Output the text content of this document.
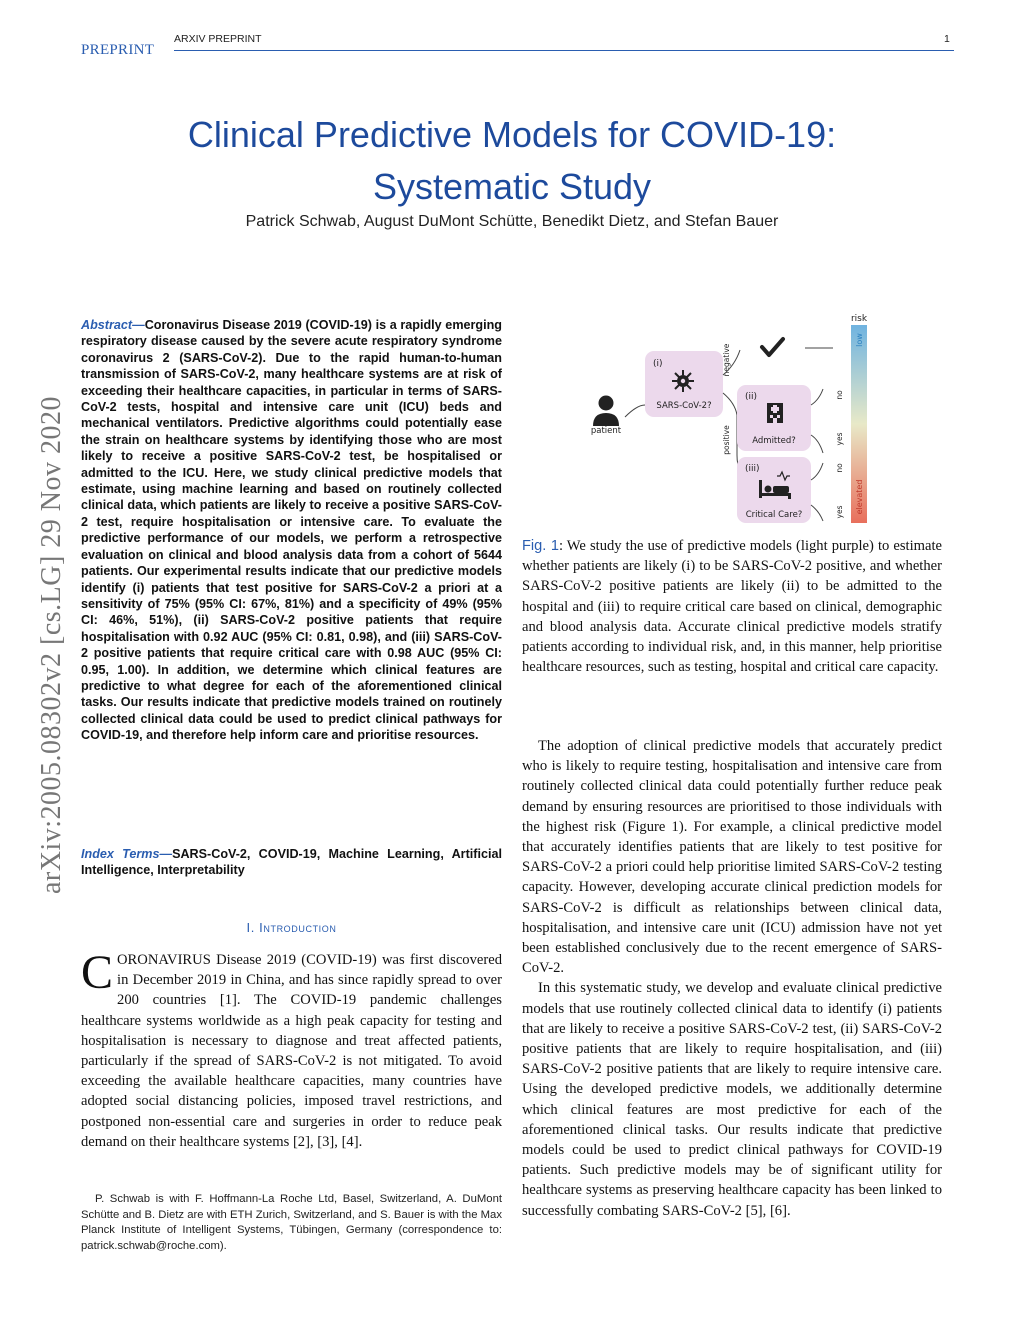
PREPRINT
ARXIV PREPRINT	1
arXiv:2005.08302v2 [cs.LG] 29 Nov 2020
Clinical Predictive Models for COVID-19:
Systematic Study
Patrick Schwab, August DuMont Schütte, Benedikt Dietz, and Stefan Bauer
Abstract—Coronavirus Disease 2019 (COVID-19) is a rapidly emerging respiratory disease caused by the severe acute respiratory syndrome coronavirus 2 (SARS-CoV-2). Due to the rapid human-to-human transmission of SARS-CoV-2, many healthcare systems are at risk of exceeding their healthcare capacities, in particular in terms of SARS-CoV-2 tests, hospital and intensive care unit (ICU) beds and mechanical ventilators. Predictive algorithms could potentially ease the strain on healthcare systems by identifying those who are most likely to receive a positive SARS-CoV-2 test, be hospitalised or admitted to the ICU. Here, we study clinical predictive models that estimate, using machine learning and based on routinely collected clinical data, which patients are likely to receive a positive SARS-CoV-2 test, require hospitalisation or intensive care. To evaluate the predictive performance of our models, we perform a retrospective evaluation on clinical and blood analysis data from a cohort of 5644 patients. Our experimental results indicate that our predictive models identify (i) patients that test positive for SARS-CoV-2 a priori at a sensitivity of 75% (95% CI: 67%, 81%) and a specificity of 49% (95% CI: 46%, 51%), (ii) SARS-CoV-2 positive patients that require hospitalisation with 0.92 AUC (95% CI: 0.81, 0.98), and (iii) SARS-CoV-2 positive patients that require critical care with 0.98 AUC (95% CI: 0.95, 1.00). In addition, we determine which clinical features are predictive to what degree for each of the aforementioned clinical tasks. Our results indicate that predictive models trained on routinely collected clinical data could be used to predict clinical pathways for COVID-19, and therefore help inform care and prioritise resources.
Index Terms—SARS-CoV-2, COVID-19, Machine Learning, Artificial Intelligence, Interpretability
I. Introduction
CORONAVIRUS Disease 2019 (COVID-19) was first discovered in December 2019 in China, and has since rapidly spread to over 200 countries [1]. The COVID-19 pandemic challenges healthcare systems worldwide as a high peak capacity for testing and hospitalisation is necessary to diagnose and treat affected patients, particularly if the spread of SARS-CoV-2 is not mitigated. To avoid exceeding the available healthcare capacities, many countries have adopted social distancing policies, imposed travel restrictions, and postponed non-essential care and surgeries in order to reduce peak demand on their healthcare systems [2], [3], [4].
P. Schwab is with F. Hoffmann-La Roche Ltd, Basel, Switzerland, A. DuMont Schütte and B. Dietz are with ETH Zurich, Switzerland, and S. Bauer is with the Max Planck Institute of Intelligent Systems, Tübingen, Germany (correspondence to: patrick.schwab@roche.com).
patient
(i)
SARS-CoV-2?
negative
positive
(ii)
Admitted?
no
yes
(iii)
Critical Care?
no
yes
risk
low
elevated
Fig. 1: We study the use of predictive models (light purple) to estimate whether patients are likely (i) to be SARS-CoV-2 positive, and whether SARS-CoV-2 positive patients are likely (ii) to be admitted to the hospital and (iii) to require critical care based on clinical, demographic and blood analysis data. Accurate clinical predictive models stratify patients according to individual risk, and, in this manner, help prioritise healthcare resources, such as testing, hospital and critical care capacity.

The adoption of clinical predictive models that accurately predict who is likely to require testing, hospitalisation and intensive care from routinely collected clinical data could potentially further reduce peak demand by ensuring resources are prioritised to those individuals with the highest risk (Figure 1). For example, a clinical predictive model that accurately identifies patients that are likely to test positive for SARS-CoV-2 a priori could help prioritise limited SARS-CoV-2 testing capacity. However, developing accurate clinical prediction models for SARS-CoV-2 is difficult as relationships between clinical data, hospitalisation, and intensive care unit (ICU) admission have not yet been established conclusively due to the recent emergence of SARS-CoV-2.

In this systematic study, we develop and evaluate clinical predictive models that use routinely collected clinical data to identify (i) patients that are likely to receive a positive SARS-CoV-2 test, (ii) SARS-CoV-2 positive patients that are likely to require hospitalisation, and (iii) SARS-CoV-2 positive patients that are likely to require intensive care. Using the developed predictive models, we additionally determine which clinical features are most predictive for each of the aforementioned clinical tasks. Our results indicate that predictive models could be used to predict clinical pathways for COVID-19 patients. Such predictive models may be of significant utility for healthcare systems as preserving healthcare capacity has been linked to successfully combating SARS-CoV-2 [5], [6].
